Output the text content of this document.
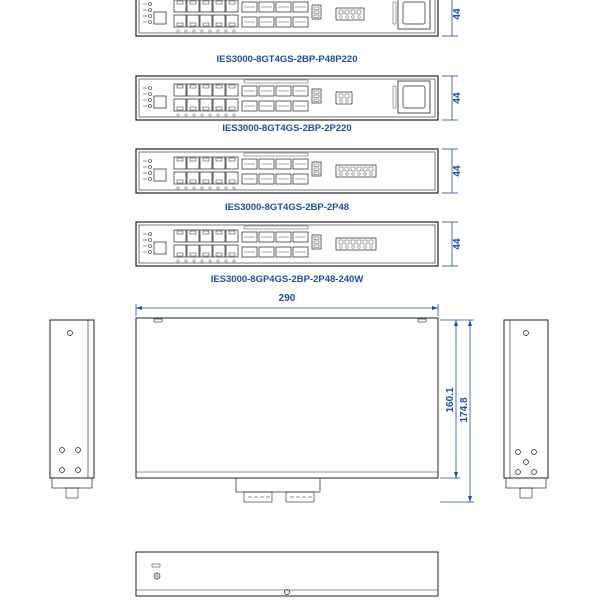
44
IES3000-8GT4GS-2BP-P48P220
44
IES3000-8GT4GS-2BP-2P220
44
IES3000-8GT4GS-2BP-2P48
44
IES3000-8GP4GS-2BP-2P48-240W
290
160.1 174.8
